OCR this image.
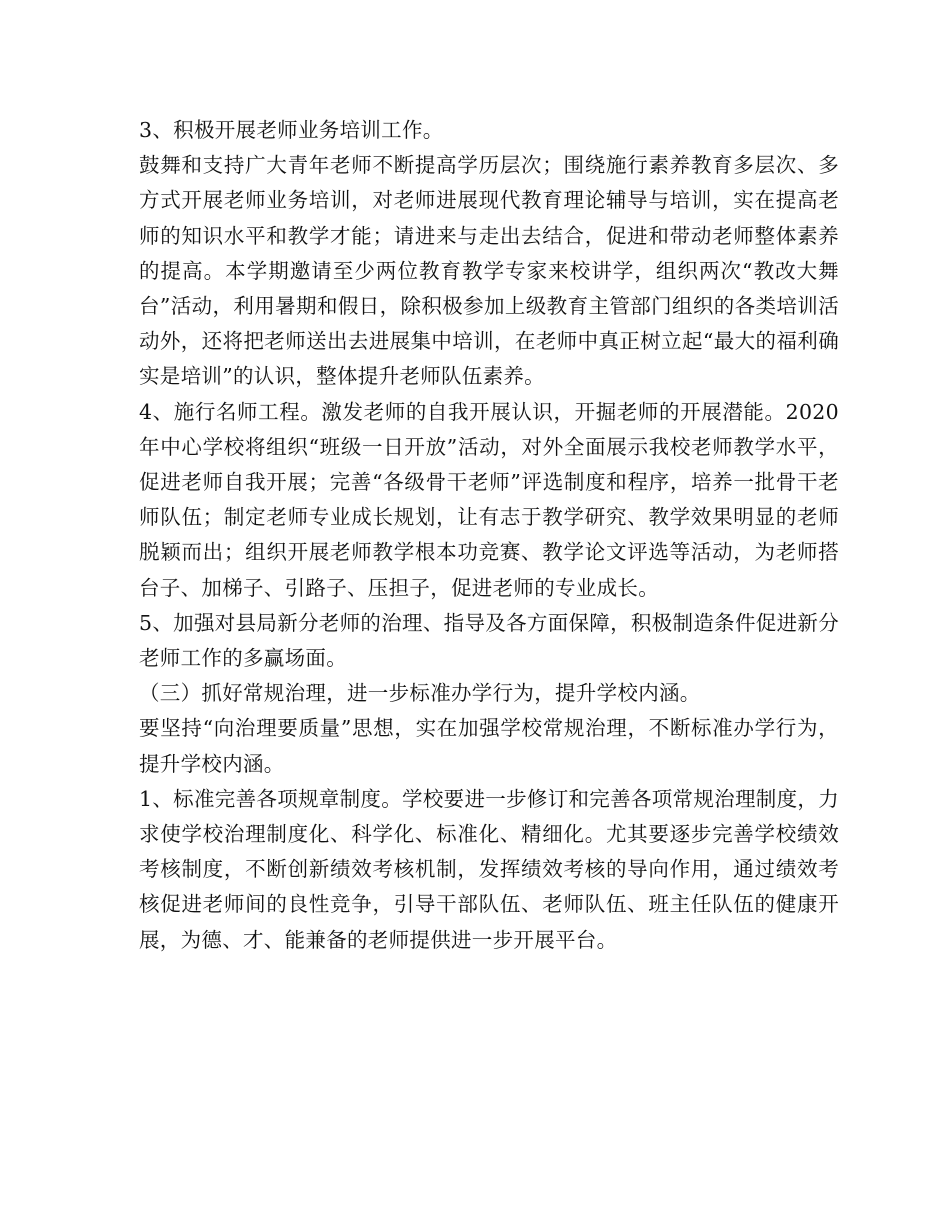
3、积极开展老师业务培训工作。

鼓舞和支持广大青年老师不断提高学历层次；围绕施行素养教育多层次、多方式开展老师业务培训，对老师进展现代教育理论辅导与培训，实在提高老师的知识水平和教学才能；请进来与走出去结合，促进和带动老师整体素养的提高。本学期邀请至少两位教育教学专家来校讲学，组织两次“教改大舞台”活动，利用暑期和假日，除积极参加上级教育主管部门组织的各类培训活动外，还将把老师送出去进展集中培训，在老师中真正树立起“最大的福利确实是培训”的认识，整体提升老师队伍素养。

4、施行名师工程。激发老师的自我开展认识，开掘老师的开展潜能。2020年中心学校将组织“班级一日开放”活动，对外全面展示我校老师教学水平，促进老师自我开展；完善“各级骨干老师”评选制度和程序，培养一批骨干老师队伍；制定老师专业成长规划，让有志于教学研究、教学效果明显的老师脱颖而出；组织开展老师教学根本功竞赛、教学论文评选等活动，为老师搭台子、加梯子、引路子、压担子，促进老师的专业成长。

5、加强对县局新分老师的治理、指导及各方面保障，积极制造条件促进新分老师工作的多赢场面。

（三）抓好常规治理，进一步标准办学行为，提升学校内涵。

要坚持“向治理要质量”思想，实在加强学校常规治理，不断标准办学行为，提升学校内涵。

1、标准完善各项规章制度。学校要进一步修订和完善各项常规治理制度，力求使学校治理制度化、科学化、标准化、精细化。尤其要逐步完善学校绩效考核制度，不断创新绩效考核机制，发挥绩效考核的导向作用，通过绩效考核促进老师间的良性竞争，引导干部队伍、老师队伍、班主任队伍的健康开展，为德、才、能兼备的老师提供进一步开展平台。
